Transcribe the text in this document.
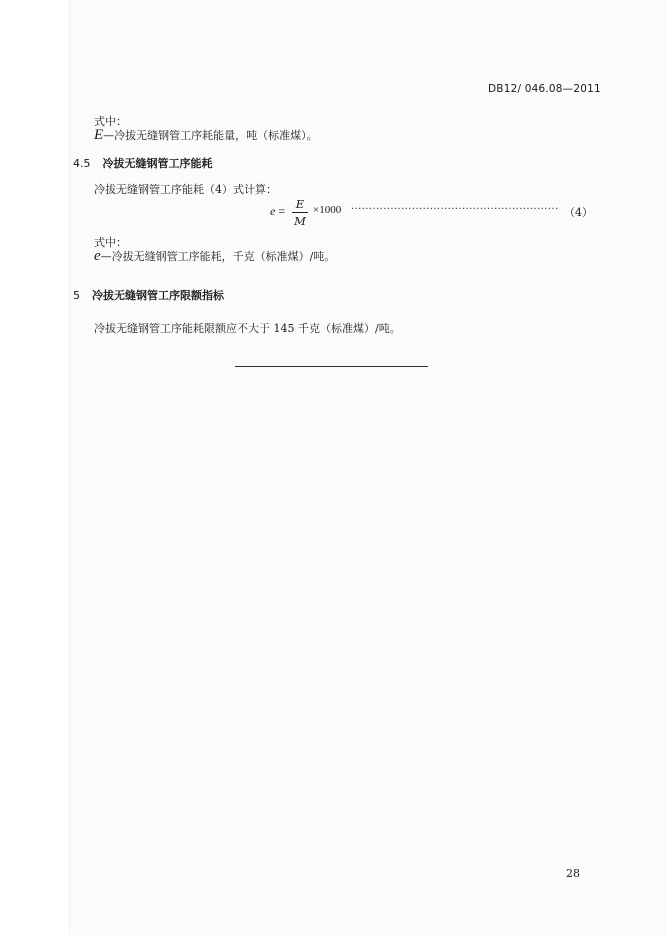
DB12/ 046.08—2011
式中：
E—冷拔无缝钢管工序耗能量，吨（标准煤）。
4.5 冷拔无缝钢管工序能耗
冷拔无缝钢管工序能耗（4）式计算：
e = E
M
×1000 ·························································· （4）
式中：
e—冷拔无缝钢管工序能耗，千克（标准煤）/吨。
5 冷拔无缝钢管工序限额指标
冷拔无缝钢管工序能耗限额应不大于 145 千克（标准煤）/吨。
28
